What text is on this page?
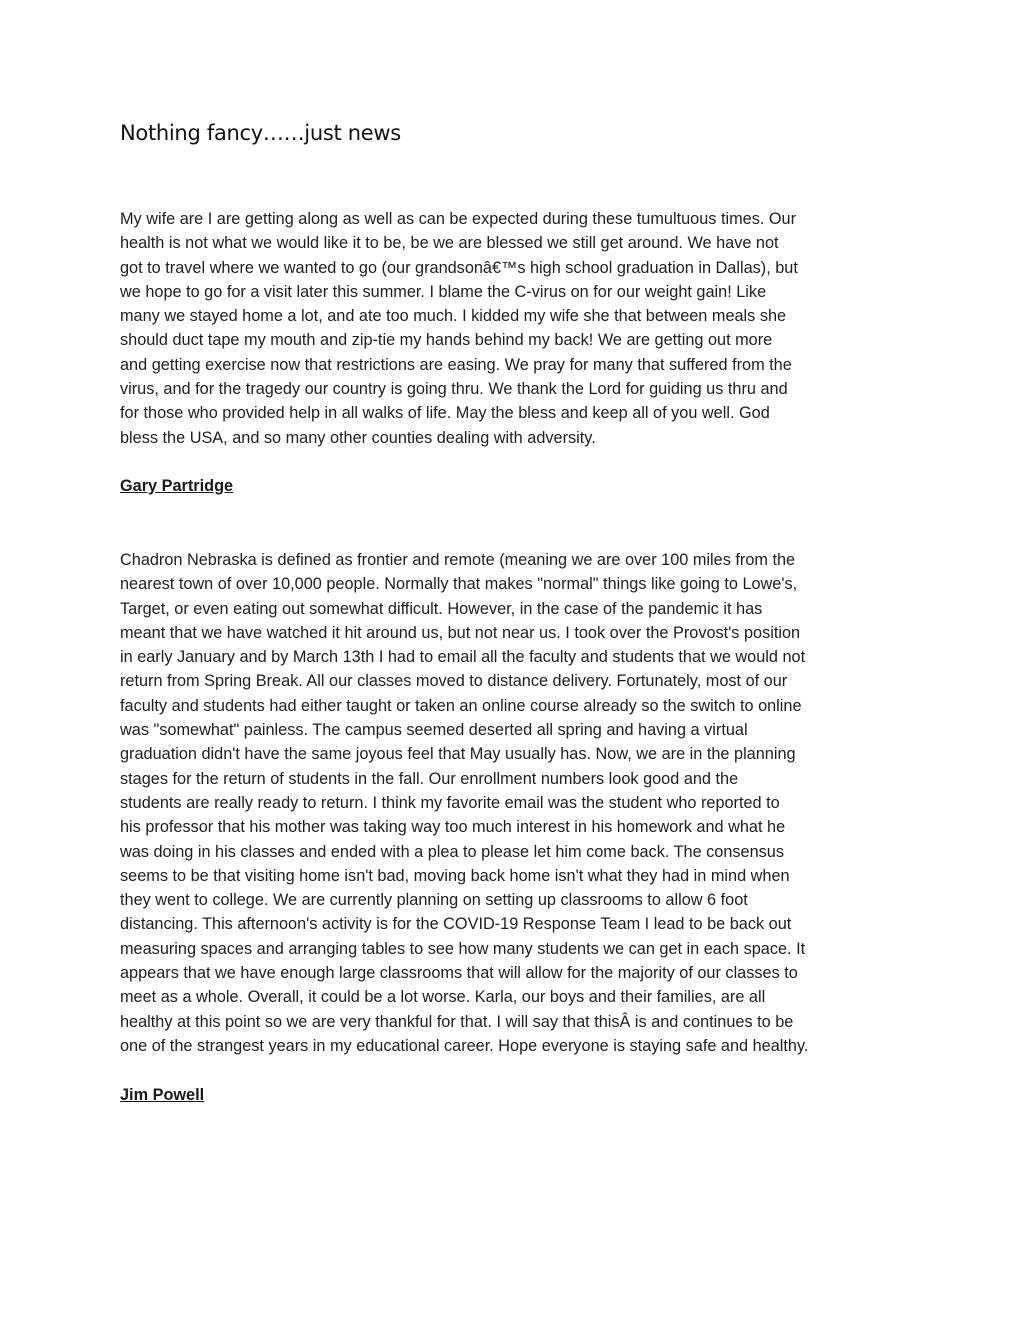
Nothing fancy……just news
My wife are I are getting along as well as can be expected during these tumultuous times. Our
health is not what we would like it to be, be we are blessed we still get around. We have not
got to travel where we wanted to go (our grandsonâ€™s high school graduation in Dallas), but
we hope to go for a visit later this summer. I blame the C-virus on for our weight gain! Like
many we stayed home a lot, and ate too much. I kidded my wife she that between meals she
should duct tape my mouth and zip-tie my hands behind my back! We are getting out more
and getting exercise now that restrictions are easing. We pray for many that suffered from the
virus, and for the tragedy our country is going thru. We thank the Lord for guiding us thru and
for those who provided help in all walks of life. May the bless and keep all of you well. God
bless the USA, and so many other counties dealing with adversity.

Gary Partridge

Chadron Nebraska is defined as frontier and remote (meaning we are over 100 miles from the
nearest town of over 10,000 people. Normally that makes "normal" things like going to Lowe's,
Target, or even eating out somewhat difficult. However, in the case of the pandemic it has
meant that we have watched it hit around us, but not near us. I took over the Provost's position
in early January and by March 13th I had to email all the faculty and students that we would not
return from Spring Break. All our classes moved to distance delivery. Fortunately, most of our
faculty and students had either taught or taken an online course already so the switch to online
was "somewhat" painless. The campus seemed deserted all spring and having a virtual
graduation didn't have the same joyous feel that May usually has. Now, we are in the planning
stages for the return of students in the fall. Our enrollment numbers look good and the
students are really ready to return. I think my favorite email was the student who reported to
his professor that his mother was taking way too much interest in his homework and what he
was doing in his classes and ended with a plea to please let him come back. The consensus
seems to be that visiting home isn't bad, moving back home isn't what they had in mind when
they went to college. We are currently planning on setting up classrooms to allow 6 foot
distancing. This afternoon's activity is for the COVID-19 Response Team I lead to be back out
measuring spaces and arranging tables to see how many students we can get in each space. It
appears that we have enough large classrooms that will allow for the majority of our classes to
meet as a whole. Overall, it could be a lot worse. Karla, our boys and their families, are all
healthy at this point so we are very thankful for that. I will say that thisÂ is and continues to be
one of the strangest years in my educational career. Hope everyone is staying safe and healthy.

Jim Powell
